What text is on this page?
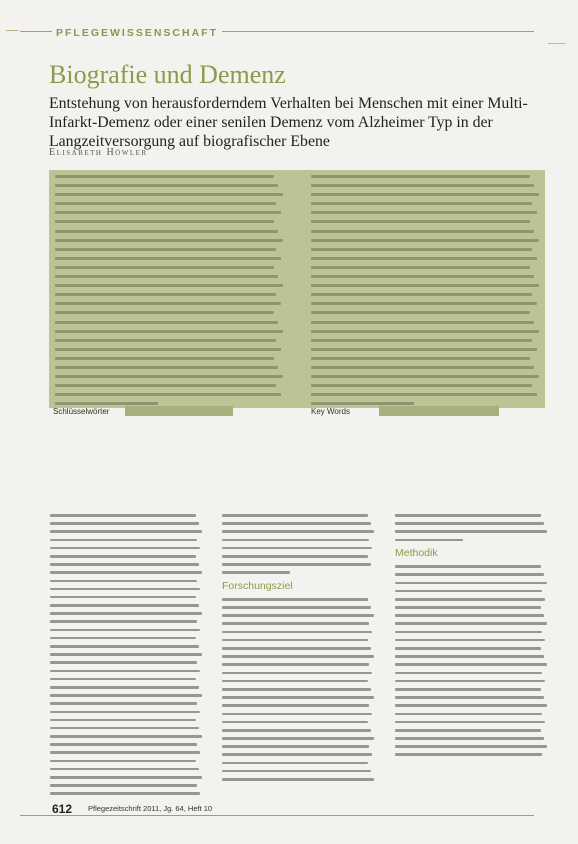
PFLEGEWISSENSCHAFT
Biografie und Demenz
Entstehung von herausforderndem Verhalten bei Menschen mit einer Multi-Infarkt-Demenz oder einer senilen Demenz vom Alzheimer Typ in der Langzeitversorgung auf biografischer Ebene
Elisabeth Höwler
Schlüsselwörter	Key Words
Forschungsziel
Methodik
612 Pflegezeitschrift 2011, Jg. 64, Heft 10
